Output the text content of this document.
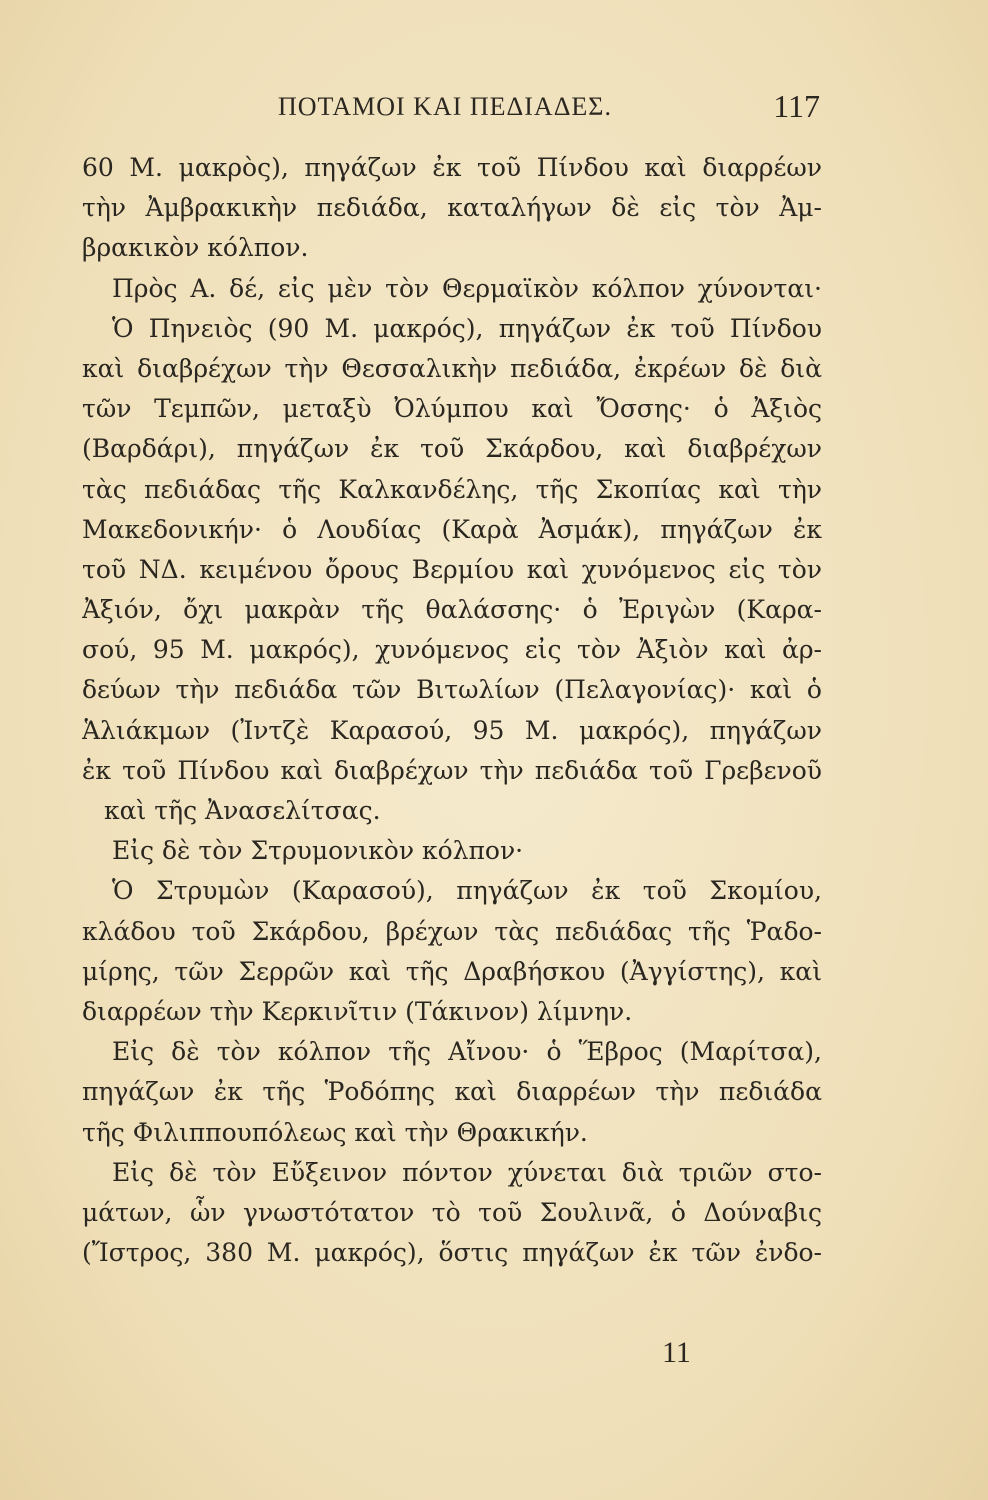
ΠΟΤΑΜΟΙ ΚΑΙ ΠΕΔΙΑΔΕΣ.	117
60 Μ. μακρὸς), πηγάζων ἐκ τοῦ Πίνδου καὶ διαρρέων
τὴν Ἀμβρακικὴν πεδιάδα, καταλήγων δὲ εἰς τὸν Ἀμ-
βρακικὸν κόλπον.
Πρὸς Α. δέ, εἰς μὲν τὸν Θερμαϊκὸν κόλπον χύνονται·
Ὁ Πηνειὸς (90 Μ. μακρός), πηγάζων ἐκ τοῦ Πίνδου
καὶ διαβρέχων τὴν Θεσσαλικὴν πεδιάδα, ἐκρέων δὲ διὰ
τῶν Τεμπῶν, μεταξὺ Ὀλύμπου καὶ Ὄσσης· ὁ Ἀξιὸς
(Βαρδάρι), πηγάζων ἐκ τοῦ Σκάρδου, καὶ διαβρέχων
τὰς πεδιάδας τῆς Καλκανδέλης, τῆς Σκοπίας καὶ τὴν
Μακεδονικήν· ὁ Λουδίας (Καρὰ Ἀσμάκ), πηγάζων ἐκ
τοῦ ΝΔ. κειμένου ὄρους Βερμίου καὶ χυνόμενος εἰς τὸν
Ἀξιόν, ὄχι μακρὰν τῆς θαλάσσης· ὁ Ἐριγὼν (Καρα-
σού, 95 Μ. μακρός), χυνόμενος εἰς τὸν Ἀξιὸν καὶ ἀρ-
δεύων τὴν πεδιάδα τῶν Βιτωλίων (Πελαγονίας)· καὶ ὁ
Ἁλιάκμων (Ἰντζὲ Καρασού, 95 Μ. μακρός), πηγάζων
ἐκ τοῦ Πίνδου καὶ διαβρέχων τὴν πεδιάδα τοῦ Γρεβενοῦ
καὶ τῆς Ἀνασελίτσας.
Εἰς δὲ τὸν Στρυμονικὸν κόλπον·
Ὁ Στρυμὼν (Καρασού), πηγάζων ἐκ τοῦ Σκομίου,
κλάδου τοῦ Σκάρδου, βρέχων τὰς πεδιάδας τῆς Ῥαδο-
μίρης, τῶν Σερρῶν καὶ τῆς Δραβήσκου (Ἀγγίστης), καὶ
διαρρέων τὴν Κερκινῖτιν (Τάκινον) λίμνην.
Εἰς δὲ τὸν κόλπον τῆς Αἴνου· ὁ Ἕβρος (Μαρίτσα),
πηγάζων ἐκ τῆς Ῥοδόπης καὶ διαρρέων τὴν πεδιάδα
τῆς Φιλιππουπόλεως καὶ τὴν Θρακικήν.
Εἰς δὲ τὸν Εὔξεινον πόντον χύνεται διὰ τριῶν στο-
μάτων, ὧν γνωστότατον τὸ τοῦ Σουλινᾶ, ὁ Δούναβις
(Ἴστρος, 380 Μ. μακρός), ὅστις πηγάζων ἐκ τῶν ἐνδο-
11
